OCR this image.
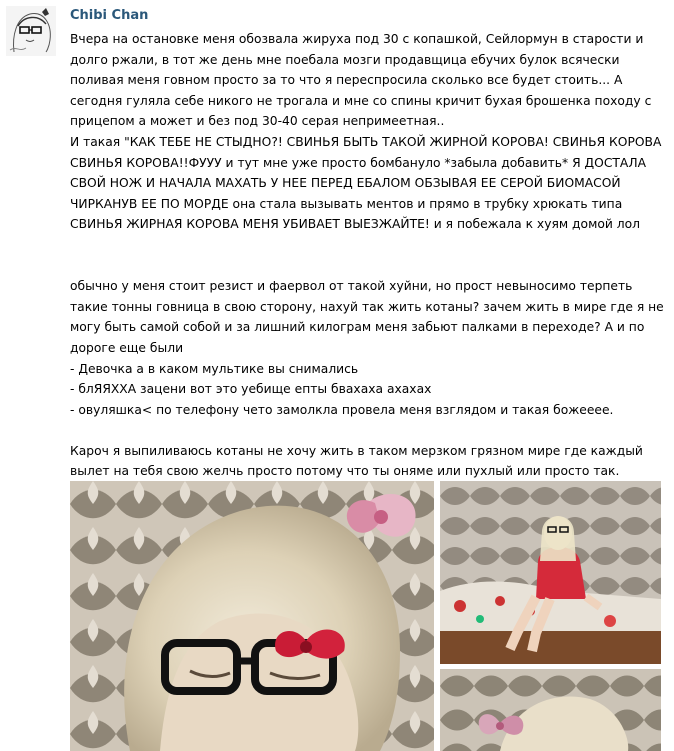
Chibi Chan

Вчера на остановке меня обозвала жируха под 30 с копашкой, Сейлормун в старости и долго ржали, в тот же день мне поебала мозги продавщица ебучих булок всячески поливая меня говном просто за то что я переспросила сколько все будет стоить... А сегодня гуляла себе никого не трогала и мне со спины кричит бухая брошенка походу с прицепом а может и без под 30-40 серая непримеетная..

И такая "КАК ТЕБЕ НЕ СТЫДНО?! СВИНЬЯ БЫТЬ ТАКОЙ ЖИРНОЙ КОРОВА! СВИНЬЯ КОРОВА СВИНЬЯ КОРОВА!!ФУУУ и тут мне уже просто бомбануло *забыла добавить* Я ДОСТАЛА СВОЙ НОЖ И НАЧАЛА МАХАТЬ У НЕЕ ПЕРЕД ЕБАЛОМ ОБЗЫВАЯ ЕЕ СЕРОЙ БИОМАСОЙ ЧИРКАНУВ ЕЕ ПО МОРДЕ она стала вызывать ментов и прямо в трубку хрюкать типа СВИНЬЯ ЖИРНАЯ КОРОВА МЕНЯ УБИВАЕТ ВЫЕЗЖАЙТЕ! и я побежала к хуям домой лол

обычно у меня стоит резист и фаервол от такой хуйни, но прост невыносимо терпеть такие тонны говница в свою сторону, нахуй так жить котаны? зачем жить в мире где я не могу быть самой собой и за лишний килограм меня забьют палками в переходе? А и по дороге еще были

- Девочка а в каком мультике вы снимались

- блЯЯХХА зацени вот это уебище епты бвахаха ахахах

- овуляшка< по телефону чето замолкла провела меня взглядом и такая божееее.

Кароч я выпиливаюсь котаны не хочу жить в таком мерзком грязном мире где каждый вылет на тебя свою желчь просто потому что ты оняме или пухлый или просто так.
